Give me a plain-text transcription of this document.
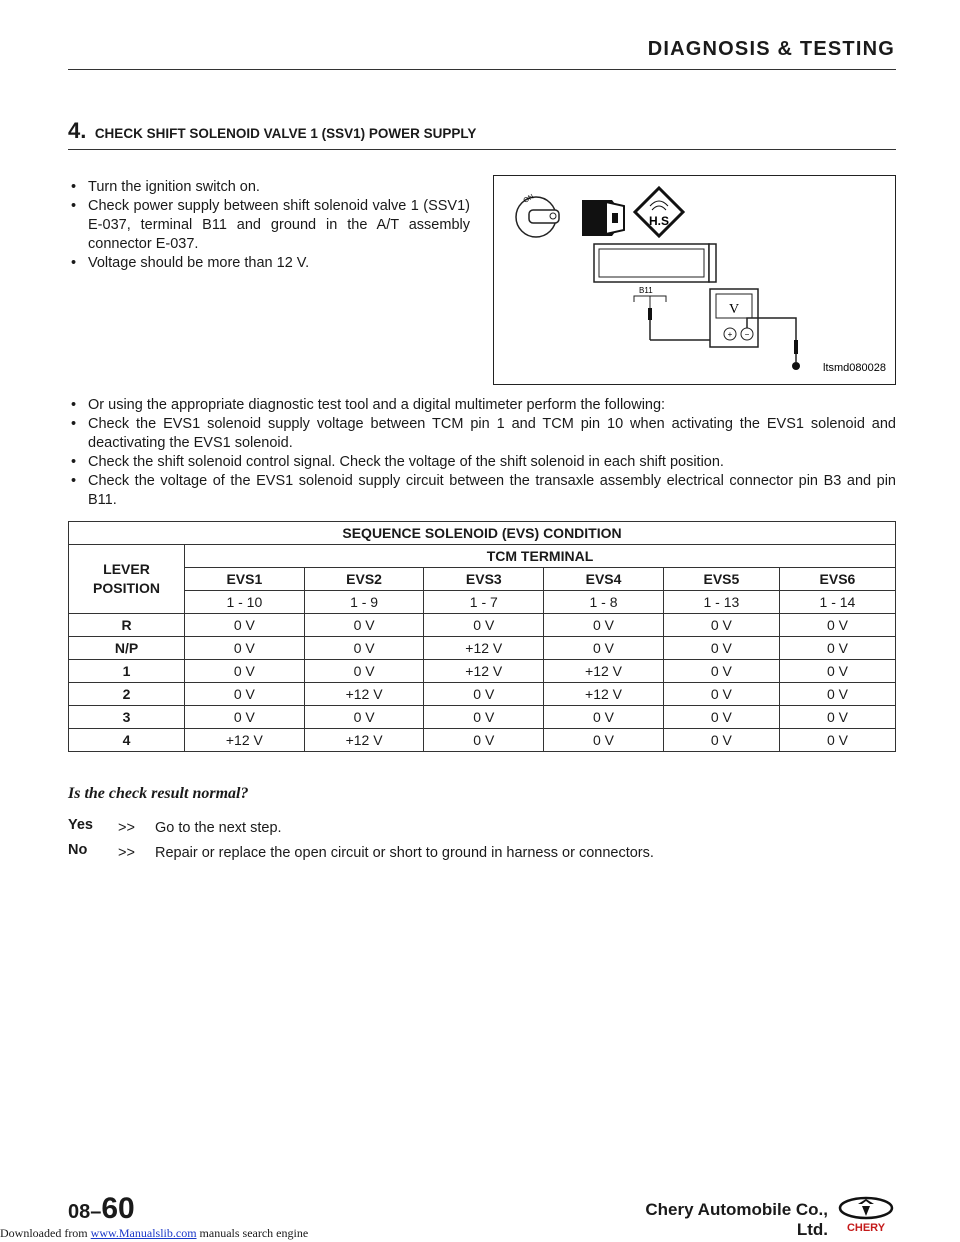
DIAGNOSIS & TESTING
4. CHECK SHIFT SOLENOID VALVE 1 (SSV1) POWER SUPPLY
• Turn the ignition switch on.
• Check power supply between shift solenoid valve 1 (SSV1) E-037, terminal B11 and ground in the A/T assembly connector E-037.
• Voltage should be more than 12 V.
ON
H.S
B11
V
+ −
ltsmd080028
• Or using the appropriate diagnostic test tool and a digital multimeter perform the following:
• Check the EVS1 solenoid supply voltage between TCM pin 1 and TCM pin 10 when activating the EVS1 solenoid and deactivating the EVS1 solenoid.
• Check the shift solenoid control signal. Check the voltage of the shift solenoid in each shift position.
• Check the voltage of the EVS1 solenoid supply circuit between the transaxle assembly electrical connector pin B3 and pin B11.
SEQUENCE SOLENOID (EVS) CONDITION						
LEVER POSITION	TCM TERMINAL					
	EVS1	EVS2	EVS3	EVS4	EVS5	EVS6
	1 - 10	1 - 9	1 - 7	1 - 8	1 - 13	1 - 14
R	0 V	0 V	0 V	0 V	0 V	0 V
N/P	0 V	0 V	+12 V	0 V	0 V	0 V
1	0 V	0 V	+12 V	+12 V	0 V	0 V
2	0 V	+12 V	0 V	+12 V	0 V	0 V
3	0 V	0 V	0 V	0 V	0 V	0 V
4	+12 V	+12 V	0 V	0 V	0 V	0 V
Is the check result normal?
Yes >> Go to the next step.
No >> Repair or replace the open circuit or short to ground in harness or connectors.
08–60	Chery Automobile Co., Ltd. CHERY
Downloaded from www.Manualslib.com manuals search engine
